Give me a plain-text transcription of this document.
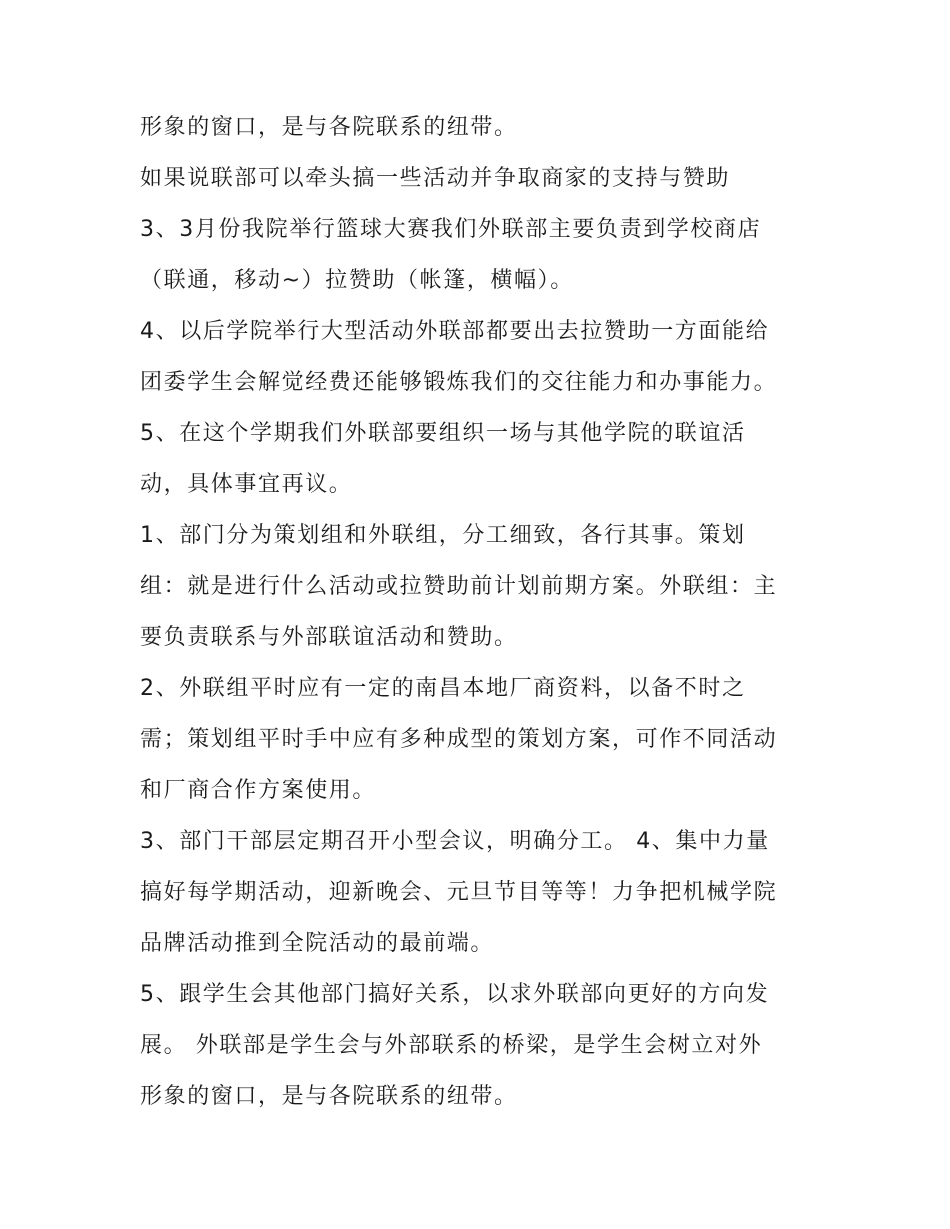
形象的窗口，是与各院联系的纽带。
如果说联部可以牵头搞一些活动并争取商家的支持与赞助
3、3月份我院举行篮球大赛我们外联部主要负责到学校商店
（联通，移动~）拉赞助（帐篷，横幅）。
4、以后学院举行大型活动外联部都要出去拉赞助一方面能给
团委学生会解觉经费还能够锻炼我们的交往能力和办事能力。
5、在这个学期我们外联部要组织一场与其他学院的联谊活
动，具体事宜再议。
1、部门分为策划组和外联组，分工细致，各行其事。策划
组：就是进行什么活动或拉赞助前计划前期方案。外联组：主
要负责联系与外部联谊活动和赞助。
2、外联组平时应有一定的南昌本地厂商资料，以备不时之
需；策划组平时手中应有多种成型的策划方案，可作不同活动
和厂商合作方案使用。
3、部门干部层定期召开小型会议，明确分工。 4、集中力量
搞好每学期活动，迎新晚会、元旦节目等等！力争把机械学院
品牌活动推到全院活动的最前端。
5、跟学生会其他部门搞好关系，以求外联部向更好的方向发
展。 外联部是学生会与外部联系的桥梁，是学生会树立对外
形象的窗口，是与各院联系的纽带。
